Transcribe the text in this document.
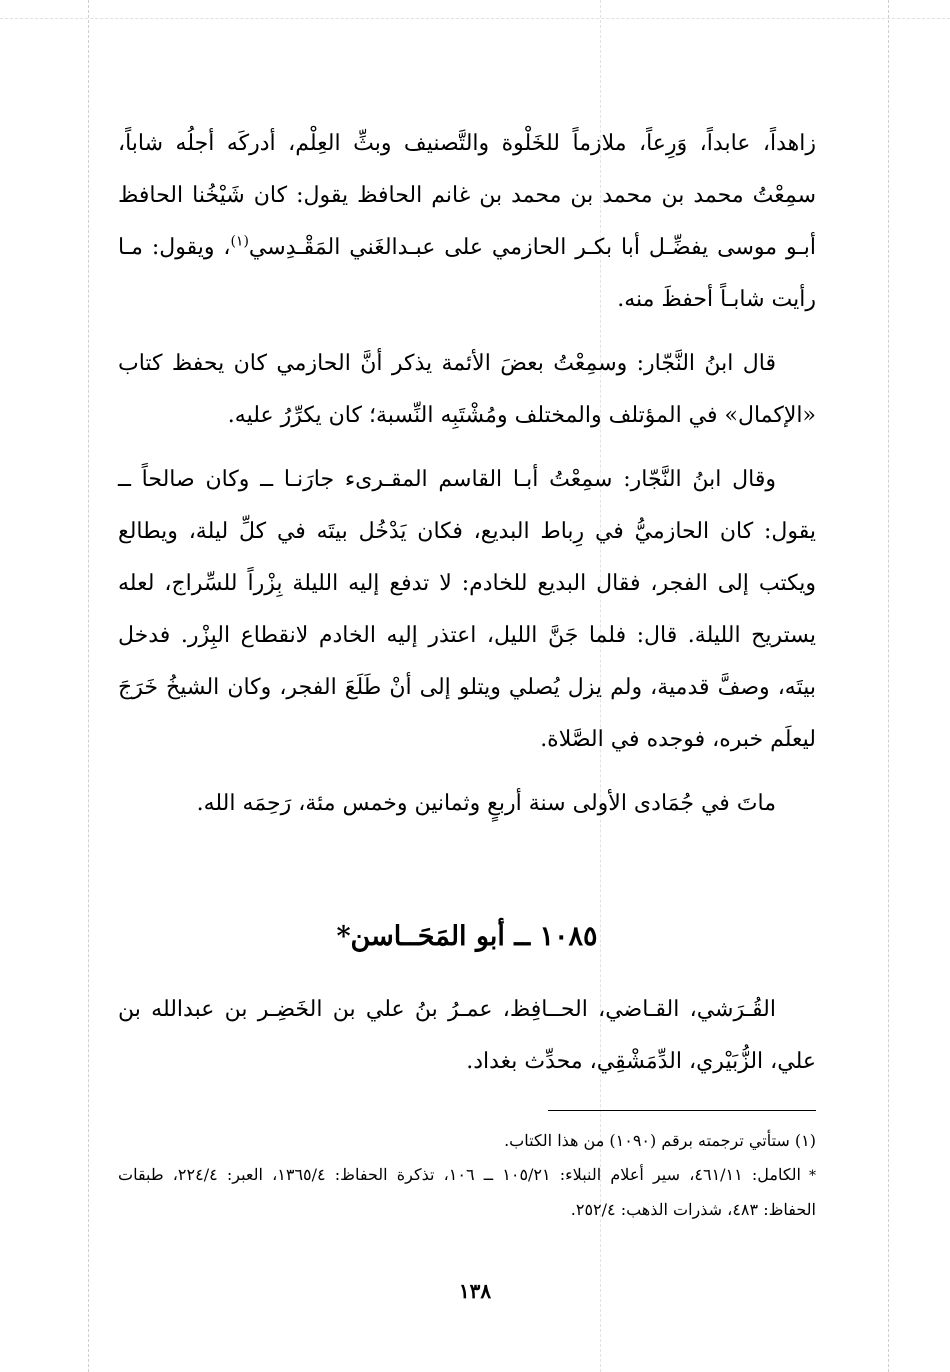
زاهداً، عابداً، وَرِعاً، ملازماً للخَلْوة والتَّصنيف وبثِّ العِلْم، أدركَه أجلُه شاباً، سمِعْتُ محمد بن محمد بن محمد بن غانم الحافظ يقول: كان شَيْخُنا الحافظ أبـو موسى يفضِّـل أبا بكـر الحازمي على عبـدالغَني المَقْـدِسي$^{(١)}$، ويقول: مـا رأيت شابـاً أحفظَ منه.

قال ابنُ النَّجّار: وسمِعْتُ بعضَ الأئمة يذكر أنَّ الحازمي كان يحفظ كتاب «الإكمال» في المؤتلف والمختلف ومُشْتَبِه النِّسبة؛ كان يكرِّرُ عليه.

وقال ابنُ النَّجّار: سمِعْتُ أبـا القاسم المقـرىء جارَنـا ــ وكان صالحاً ــ يقول: كان الحازميُّ في رِباط البديع، فكان يَدْخُل بيتَه في كلِّ ليلة، ويطالع ويكتب إلى الفجر، فقال البديع للخادم: لا تدفع إليه الليلة بِزْراً للسِّراج، لعله يستريح الليلة. قال: فلما جَنَّ الليل، اعتذر إليه الخادم لانقطاع البِزْر. فدخل بيتَه، وصفَّ قدمية، ولم يزل يُصلي ويتلو إلى أنْ طَلَعَ الفجر، وكان الشيخُ خَرَجَ ليعلَم خبره، فوجده في الصَّلاة.

ماتَ في جُمَادى الأولى سنة أربعٍ وثمانين وخمس مئة، رَحِمَه الله.

١٠٨٥ ــ أبو المَحَــاسن*

القُـرَشي، القـاضي، الحــافِظ، عمـرُ بنُ علي بن الخَضِـر بن عبدالله بن علي، الزُّبَيْري، الدِّمَشْقِي، محدِّث بغداد.

(١) ستأتي ترجمته برقم (١٠٩٠) من هذا الكتاب.

*الكامل: ٤٦١/١١، سير أعلام النبلاء: ١٠٥/٢١ ــ ١٠٦، تذكرة الحفاظ: ١٣٦٥/٤، العبر: ٢٢٤/٤، طبقات الحفاظ: ٤٨٣، شذرات الذهب: ٢٥٢/٤.

١٣٨
